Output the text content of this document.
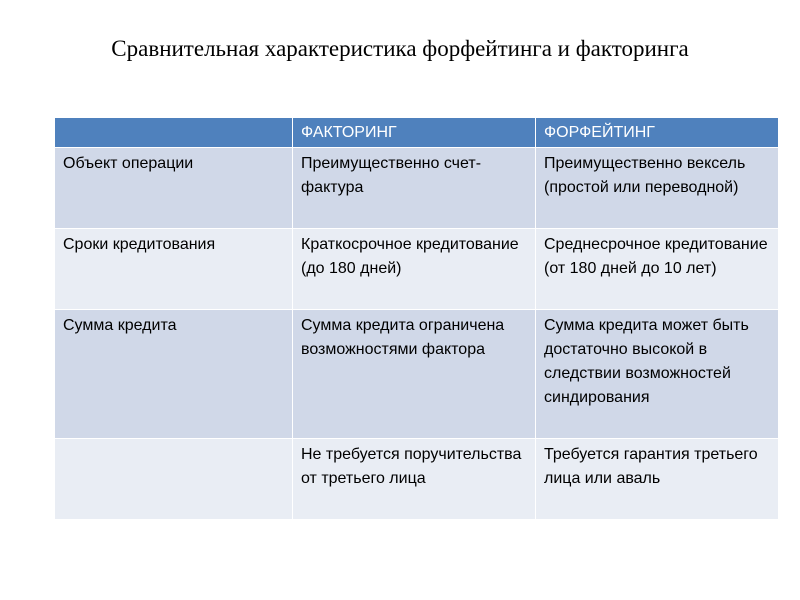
Сравнительная характеристика форфейтинга и факторинга
	ФАКТОРИНГ	ФОРФЕЙТИНГ
Объект операции	Преимущественно счет-фактура	Преимущественно вексель (простой или переводной)
Сроки кредитования	Краткосрочное кредитование (до 180 дней)	Среднесрочное кредитование (от 180 дней до 10 лет)
Сумма кредита	Сумма кредита ограничена возможностями фактора	Сумма кредита может быть достаточно высокой в следствии возможностей синдирования
	Не требуется поручительства от третьего лица	Требуется гарантия третьего лица или аваль
